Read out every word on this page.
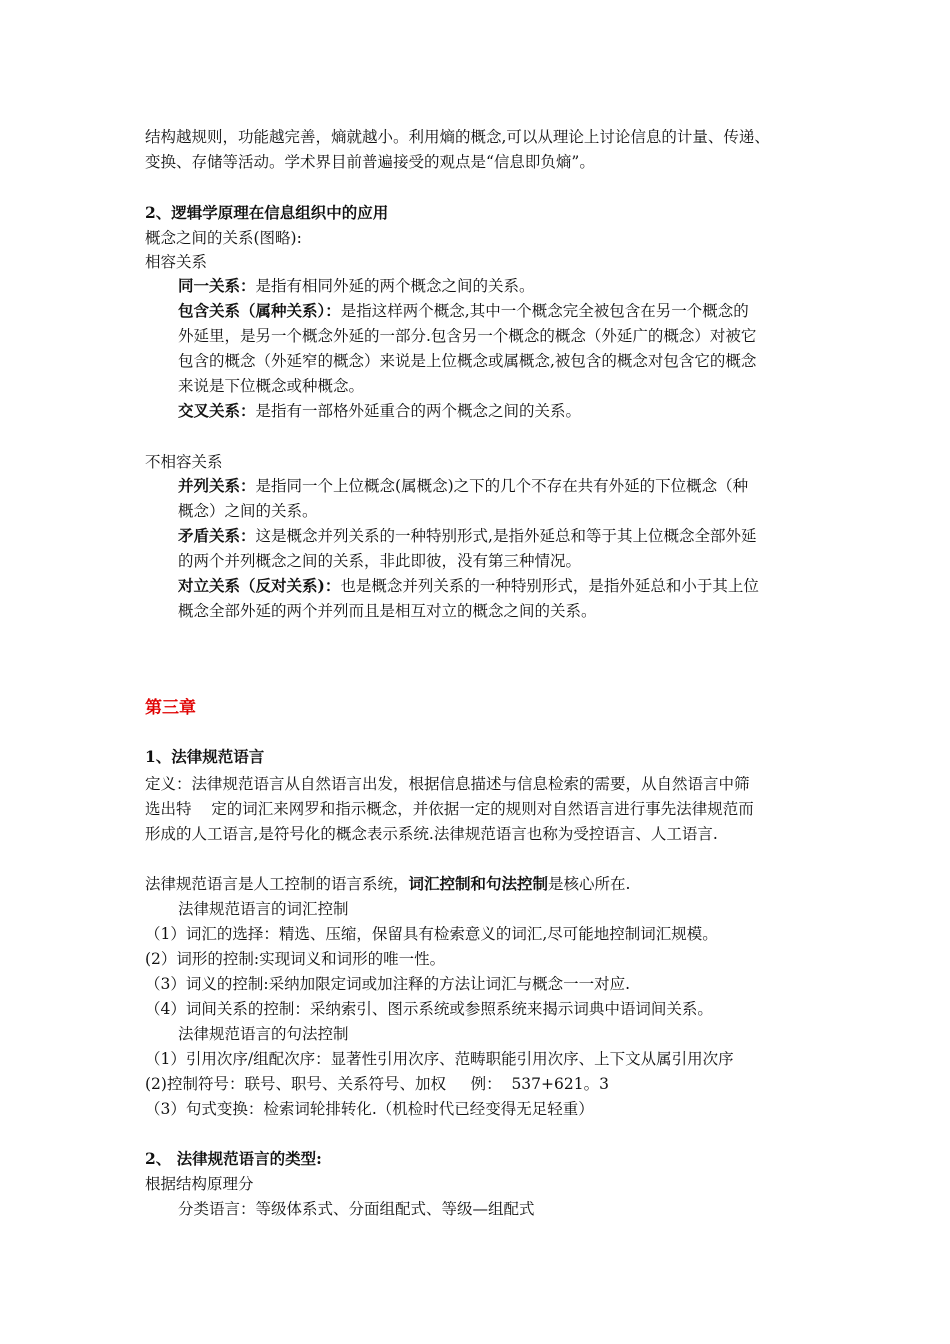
结构越规则，功能越完善，熵就越小。利用熵的概念,可以从理论上讨论信息的计量、传递、
变换、存储等活动。学术界目前普遍接受的观点是“信息即负熵”。
2、逻辑学原理在信息组织中的应用
概念之间的关系(图略):
相容关系
同一关系：是指有相同外延的两个概念之间的关系。
包含关系（属种关系）：是指这样两个概念,其中一个概念完全被包含在另一个概念的
外延里，是另一个概念外延的一部分.包含另一个概念的概念（外延广的概念）对被它
包含的概念（外延窄的概念）来说是上位概念或属概念,被包含的概念对包含它的概念
来说是下位概念或种概念。
交叉关系：是指有一部格外延重合的两个概念之间的关系。
不相容关系
并列关系：是指同一个上位概念(属概念)之下的几个不存在共有外延的下位概念（种
概念）之间的关系。
矛盾关系：这是概念并列关系的一种特别形式,是指外延总和等于其上位概念全部外延
的两个并列概念之间的关系，非此即彼，没有第三种情况。
对立关系（反对关系)：也是概念并列关系的一种特别形式，是指外延总和小于其上位
概念全部外延的两个并列而且是相互对立的概念之间的关系。
第三章
1、法律规范语言
定义：法律规范语言从自然语言出发，根据信息描述与信息检索的需要，从自然语言中筛
选出特    定的词汇来网罗和指示概念，并依据一定的规则对自然语言进行事先法律规范而
形成的人工语言,是符号化的概念表示系统.法律规范语言也称为受控语言、人工语言.
法律规范语言是人工控制的语言系统，词汇控制和句法控制是核心所在.
法律规范语言的词汇控制
（1）词汇的选择：精选、压缩，保留具有检索意义的词汇,尽可能地控制词汇规模。
(2）词形的控制:实现词义和词形的唯一性。
（3）词义的控制:采纳加限定词或加注释的方法让词汇与概念一一对应.
（4）词间关系的控制：采纳索引、图示系统或参照系统来揭示词典中语词间关系。
法律规范语言的句法控制
（1）引用次序/组配次序：显著性引用次序、范畴职能引用次序、上下文从属引用次序
(2)控制符号：联号、职号、关系符号、加权     例：  537+621。3
（3）句式变换：检索词轮排转化.（机检时代已经变得无足轻重）
2、 法律规范语言的类型:
根据结构原理分
分类语言：等级体系式、分面组配式、等级—组配式
